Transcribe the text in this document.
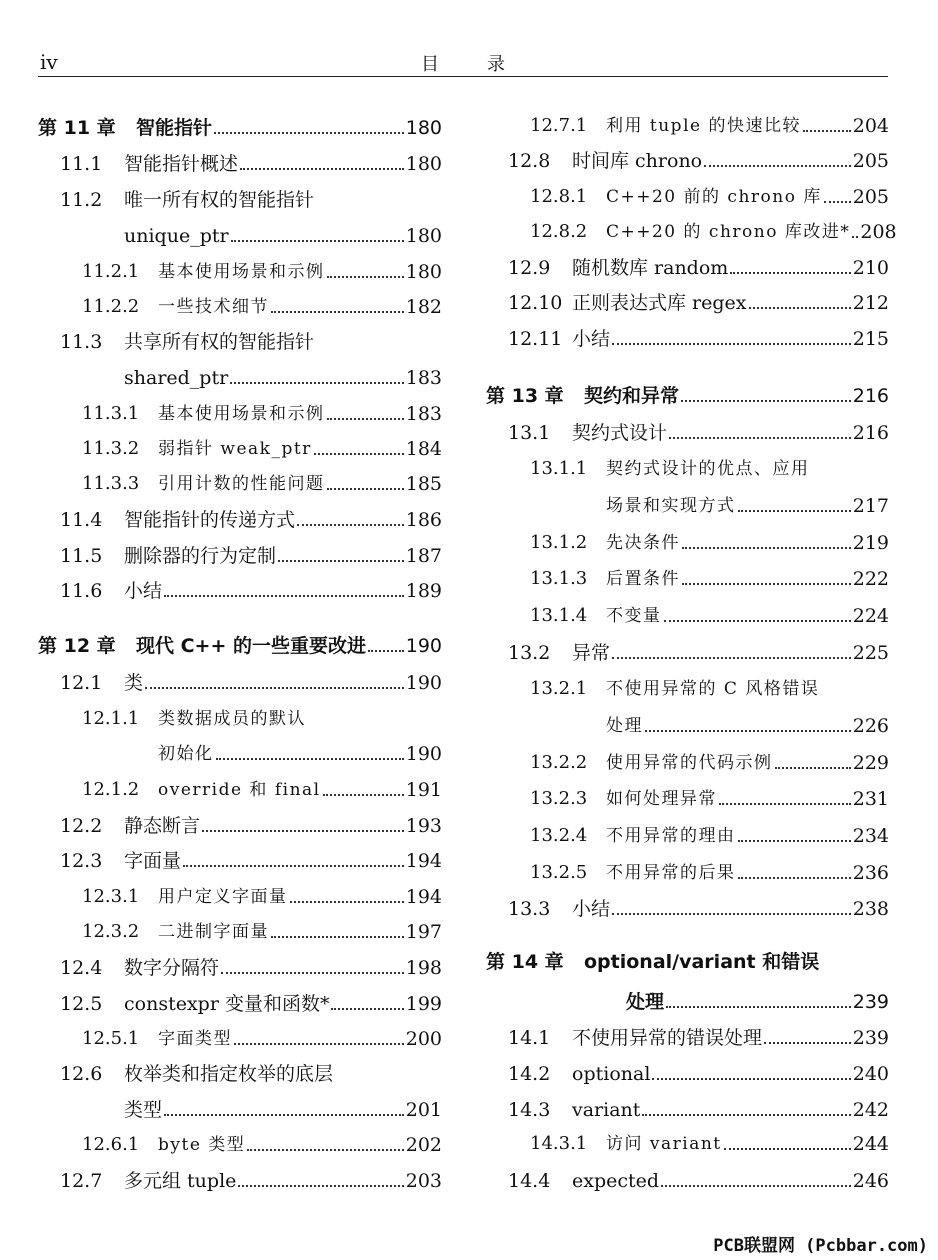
iv	目录
第 11 章	智能指针	180
11.1	智能指针概述	180
11.2	唯一所有权的智能指针
unique_ptr	180
11.2.1	基本使用场景和示例	180
11.2.2	一些技术细节	182
11.3	共享所有权的智能指针
shared_ptr	183
11.3.1	基本使用场景和示例	183
11.3.2	弱指针 weak_ptr	184
11.3.3	引用计数的性能问题	185
11.4	智能指针的传递方式	186
11.5	删除器的行为定制	187
11.6	小结	189
第 12 章	现代 C++ 的一些重要改进 190
12.1	类	190
12.1.1	类数据成员的默认
初始化	190
12.1.2	override 和 final	191
12.2	静态断言	193
12.3	字面量	194
12.3.1	用户定义字面量	194
12.3.2	二进制字面量	197
12.4	数字分隔符	198
12.5	constexpr 变量和函数*	199
12.5.1	字面类型	200
12.6	枚举类和指定枚举的底层
类型	201
12.6.1	byte 类型	202
12.7	多元组 tuple	203
12.7.1	利用 tuple 的快速比较	204
12.8	时间库 chrono	205
12.8.1	C++20 前的 chrono 库 205
12.8.2	C++20 的 chrono 库改进* 208
12.9	随机数库 random	210
12.10 正则表达式库 regex	212
12.11 小结	215
第 13 章	契约和异常	216
13.1	契约式设计	216
13.1.1	契约式设计的优点、应用
场景和实现方式	217
13.1.2	先决条件	219
13.1.3	后置条件	222
13.1.4	不变量	224
13.2	异常	225
13.2.1	不使用异常的 C 风格错误
处理	226
13.2.2	使用异常的代码示例	229
13.2.3	如何处理异常	231
13.2.4	不用异常的理由	234
13.2.5	不用异常的后果	236
13.3	小结	238
第 14 章	optional/variant 和错误
处理	239
14.1	不使用异常的错误处理	239
14.2	optional	240
14.3	variant	242
14.3.1	访问 variant	244
14.4	expected	246
PCB联盟网 (Pcbbar.com)
